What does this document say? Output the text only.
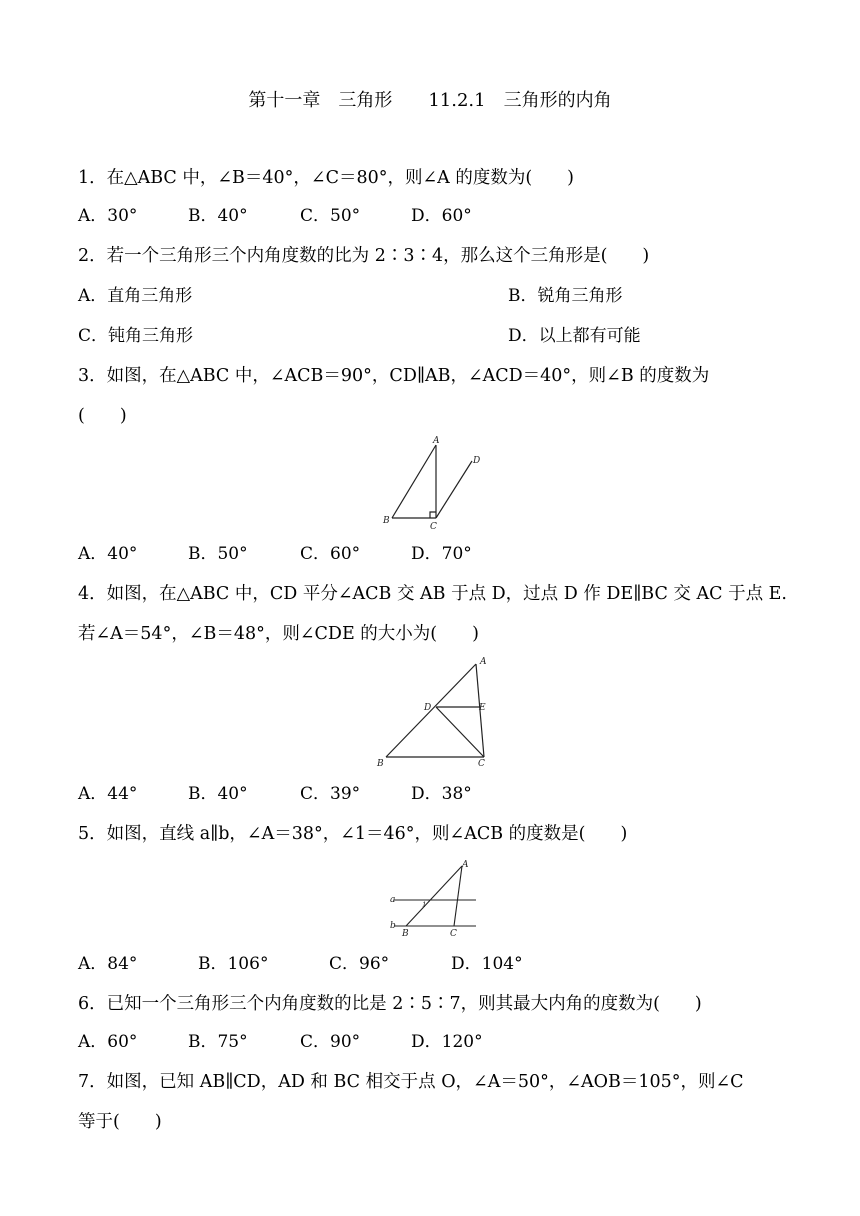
第十一章　三角形　　11.2.1　三角形的内角
1．在△ABC 中，∠B＝40°，∠C＝80°，则∠A 的度数为(　　)
A．30°	B．40°	C．50°	D．60°
2．若一个三角形三个内角度数的比为 2∶3∶4，那么这个三角形是(　　)
A．直角三角形	B．锐角三角形
C．钝角三角形	D．以上都有可能
3．如图，在△ABC 中，∠ACB＝90°，CD∥AB，∠ACD＝40°，则∠B 的度数为
(　　)
A
D
B
C
A．40°	B．50°	C．60°	D．70°
4．如图，在△ABC 中，CD 平分∠ACB 交 AB 于点 D，过点 D 作 DE∥BC 交 AC 于点 E.
若∠A＝54°，∠B＝48°，则∠CDE 的大小为(　　)
A
D	E
B	C
A．44°	B．40°	C．39°	D．38°
5．如图，直线 a∥b，∠A＝38°，∠1＝46°，则∠ACB 的度数是(　　)
A
a	1
b
B	C
A．84°	B．106°	C．96°	D．104°
6．已知一个三角形三个内角度数的比是 2∶5∶7，则其最大内角的度数为(　　)
A．60°	B．75°	C．90°	D．120°
7．如图，已知 AB∥CD，AD 和 BC 相交于点 O，∠A＝50°，∠AOB＝105°，则∠C
等于(　　)
